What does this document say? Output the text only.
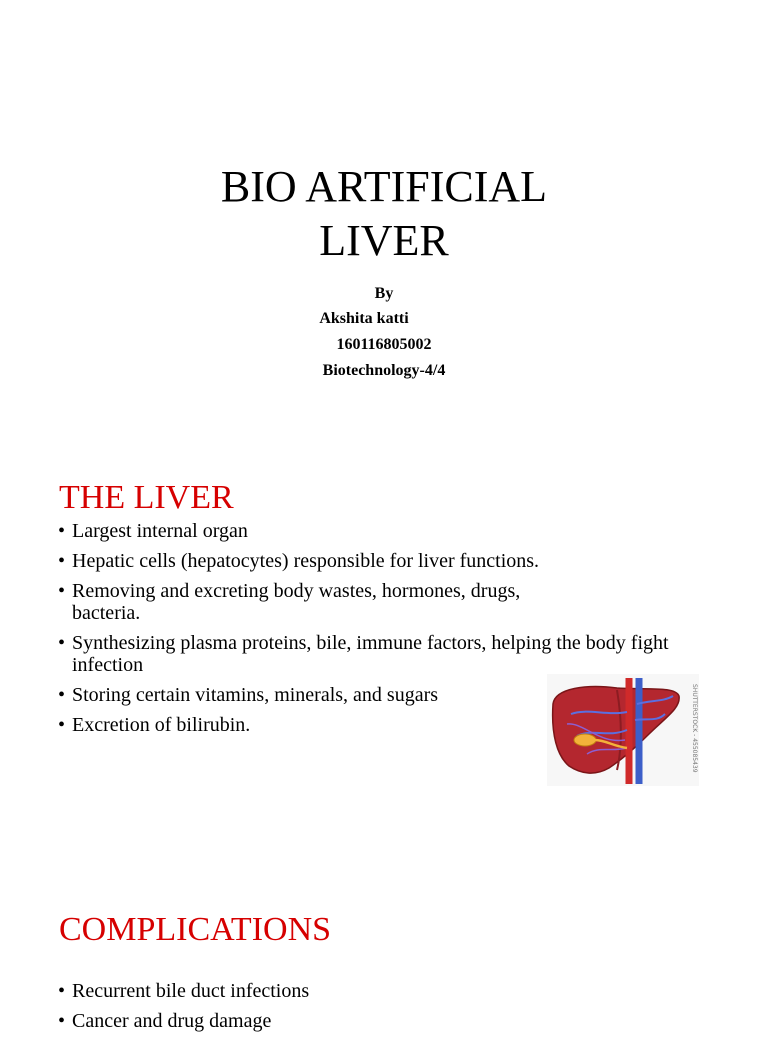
BIO ARTIFICIAL
LIVER
By
Akshita katti
160116805002
Biotechnology-4/4
THE LIVER
• Largest internal organ
• Hepatic cells (hepatocytes) responsible for liver functions.
• Removing and excreting body wastes, hormones, drugs, bacteria.
• Synthesizing plasma proteins, bile, immune factors, helping the body fight infection
• Storing certain vitamins, minerals, and sugars
• Excretion of bilirubin.	SHUTTERSTOCK - 455085439
COMPLICATIONS
• Recurrent bile duct infections
• Cancer and drug damage
